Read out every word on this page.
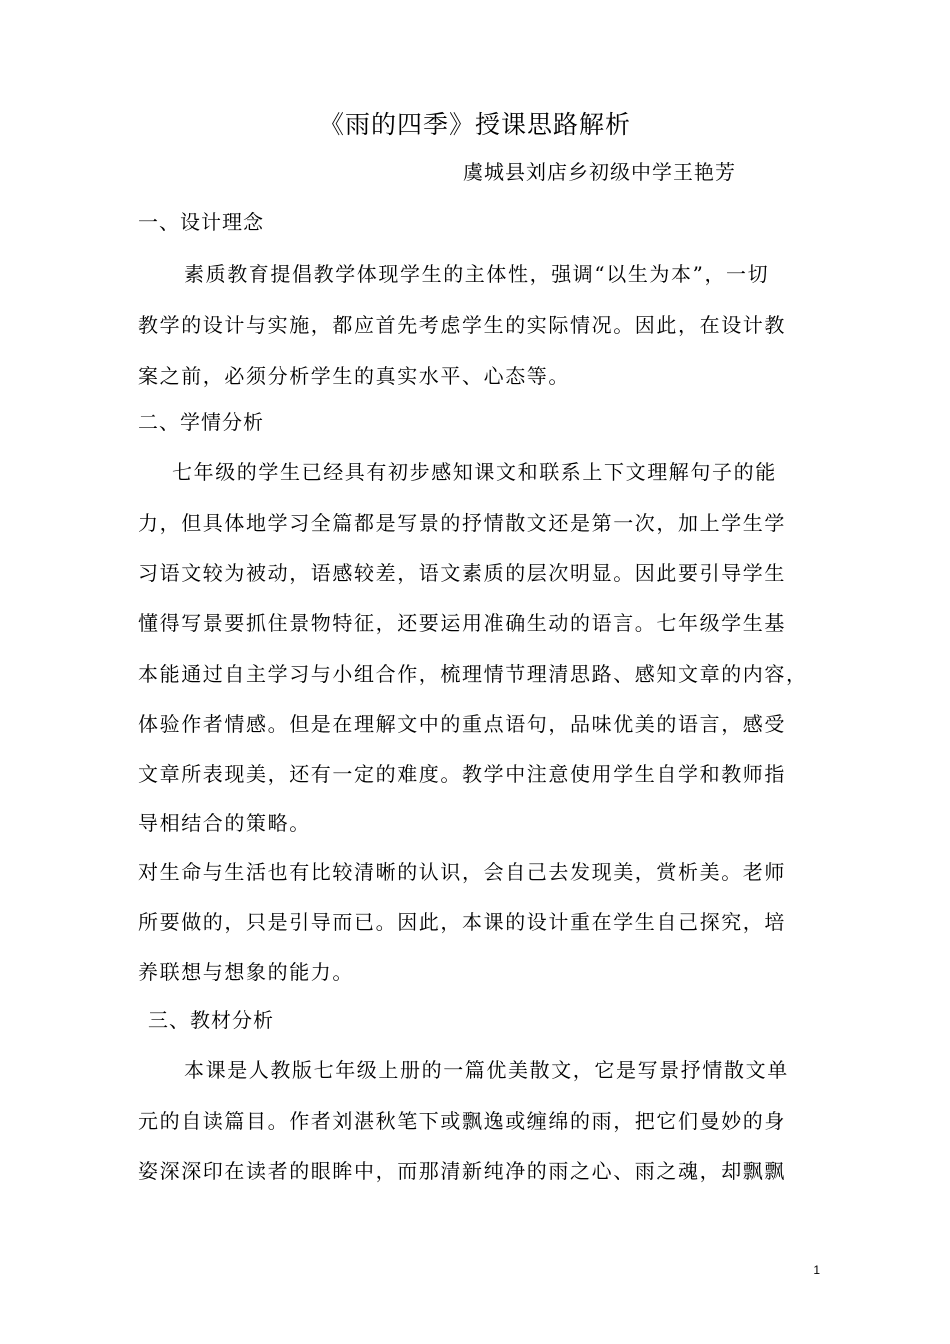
《雨的四季》授课思路解析
虞城县刘店乡初级中学王艳芳
一、设计理念
素质教育提倡教学体现学生的主体性，强调“以生为本”，一切
教学的设计与实施，都应首先考虑学生的实际情况。因此，在设计教
案之前，必须分析学生的真实水平、心态等。
二、学情分析
七年级的学生已经具有初步感知课文和联系上下文理解句子的能
力，但具体地学习全篇都是写景的抒情散文还是第一次，加上学生学
习语文较为被动，语感较差，语文素质的层次明显。因此要引导学生
懂得写景要抓住景物特征，还要运用准确生动的语言。七年级学生基
本能通过自主学习与小组合作，梳理情节理清思路、感知文章的内容，
体验作者情感。但是在理解文中的重点语句，品味优美的语言，感受
文章所表现美，还有一定的难度。教学中注意使用学生自学和教师指
导相结合的策略。
对生命与生活也有比较清晰的认识，会自己去发现美，赏析美。老师
所要做的，只是引导而已。因此，本课的设计重在学生自己探究，培
养联想与想象的能力。
三、教材分析
本课是人教版七年级上册的一篇优美散文，它是写景抒情散文单
元的自读篇目。作者刘湛秋笔下或飘逸或缠绵的雨，把它们曼妙的身
姿深深印在读者的眼眸中，而那清新纯净的雨之心、雨之魂，却飘飘
1
